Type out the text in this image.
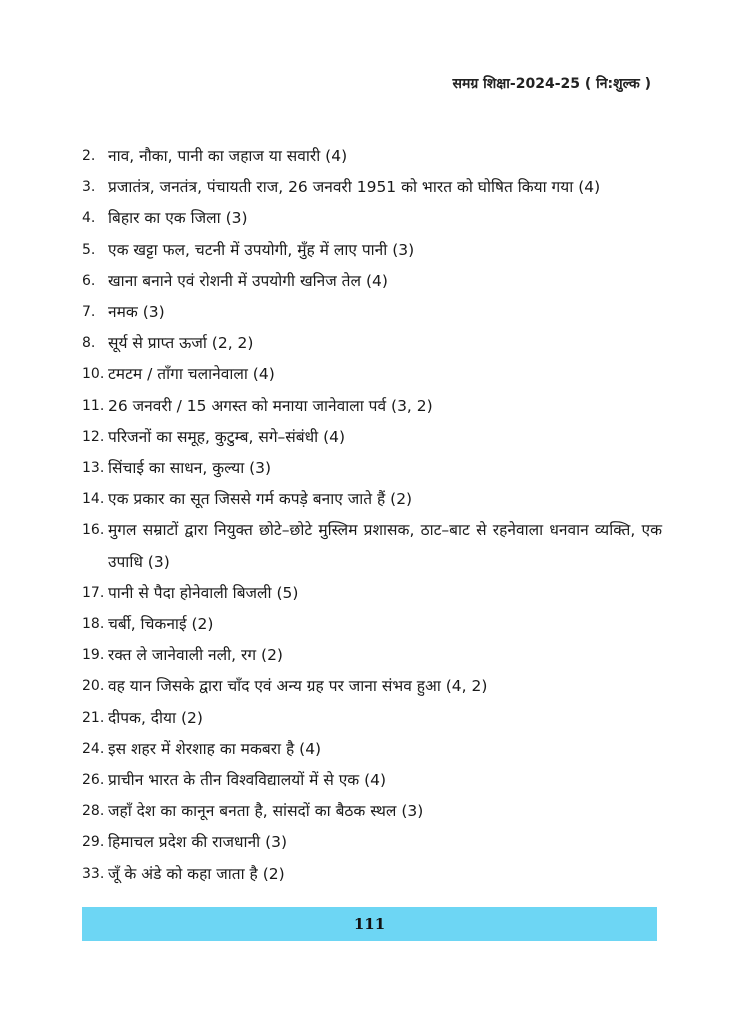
समग्र शिक्षा-2024-25 ( नि:शुल्क )
2. नाव, नौका, पानी का जहाज या सवारी (4)
3. प्रजातंत्र, जनतंत्र, पंचायती राज, 26 जनवरी 1951 को भारत को घोषित किया गया (4)
4. बिहार का एक जिला (3)
5. एक खट्टा फल, चटनी में उपयोगी, मुँह में लाए पानी (3)
6. खाना बनाने एवं रोशनी में उपयोगी खनिज तेल (4)
7. नमक (3)
8. सूर्य से प्राप्त ऊर्जा (2, 2)
10. टमटम / ताँगा चलानेवाला (4)
11. 26 जनवरी / 15 अगस्त को मनाया जानेवाला पर्व (3, 2)
12. परिजनों का समूह, कुटुम्ब, सगे–संबंधी (4)
13. सिंचाई का साधन, कुल्या (3)
14. एक प्रकार का सूत जिससे गर्म कपड़े बनाए जाते हैं (2)
16. मुगल सम्राटों द्वारा नियुक्त छोटे–छोटे मुस्लिम प्रशासक, ठाट–बाट से रहनेवाला धनवान व्यक्ति, एक उपाधि (3)
17. पानी से पैदा होनेवाली बिजली (5)
18. चर्बी, चिकनाई (2)
19. रक्त ले जानेवाली नली, रग (2)
20. वह यान जिसके द्वारा चाँद एवं अन्य ग्रह पर जाना संभव हुआ (4, 2)
21. दीपक, दीया (2)
24. इस शहर में शेरशाह का मकबरा है (4)
26. प्राचीन भारत के तीन विश्वविद्यालयों में से एक (4)
28. जहाँ देश का कानून बनता है, सांसदों का बैठक स्थल (3)
29. हिमाचल प्रदेश की राजधानी (3)
33. जूँ के अंडे को कहा जाता है (2)
111
